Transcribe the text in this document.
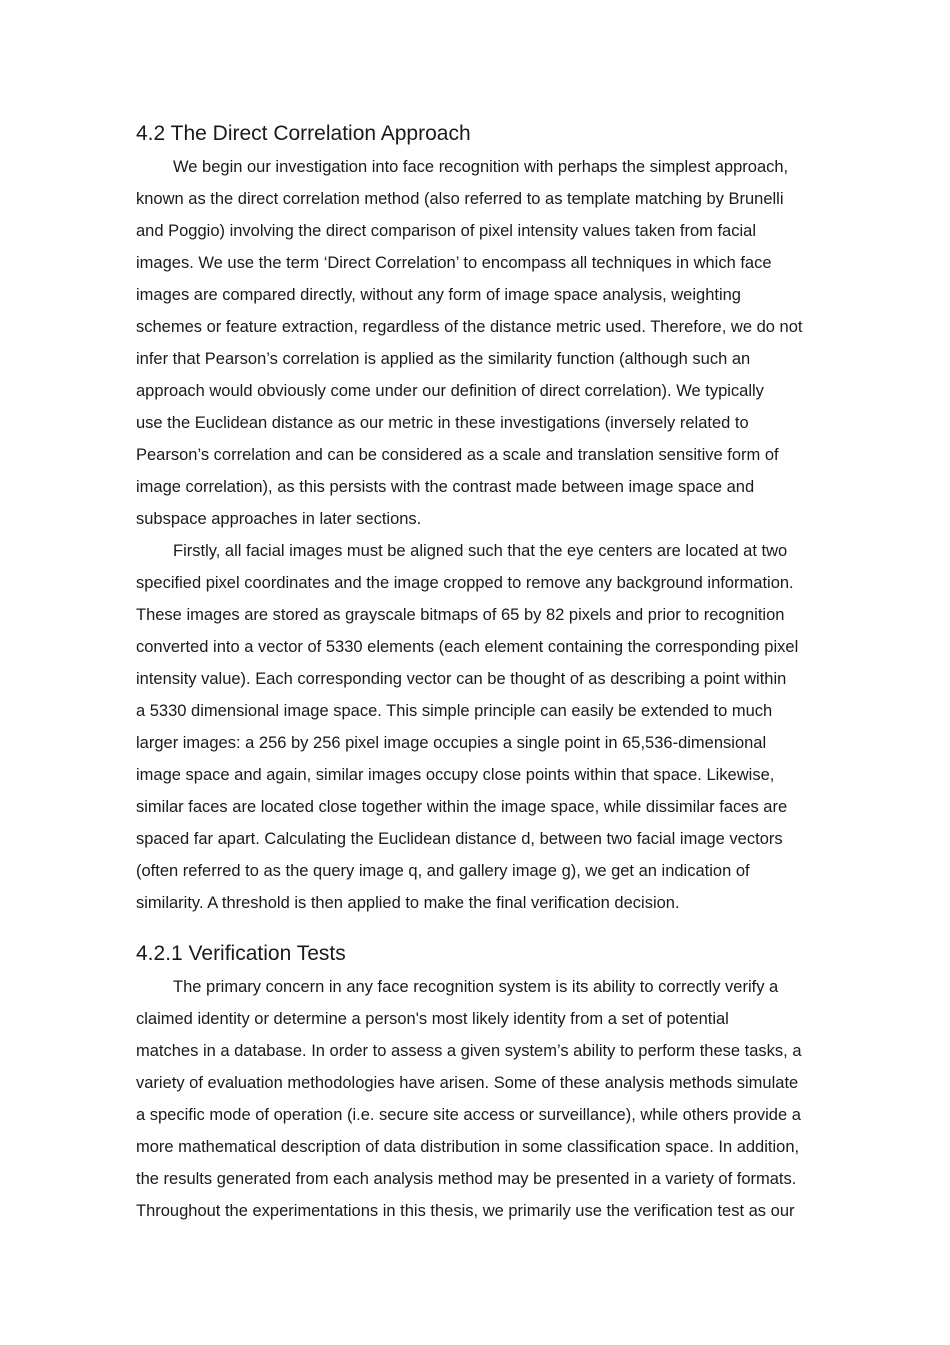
4.2 The Direct Correlation Approach

We begin our investigation into face recognition with perhaps the simplest approach,

known as the direct correlation method (also referred to as template matching by Brunelli

and Poggio) involving the direct comparison of pixel intensity values taken from facial

images. We use the term ‘Direct Correlation’ to encompass all techniques in which face

images are compared directly, without any form of image space analysis, weighting

schemes or feature extraction, regardless of the distance metric used. Therefore, we do not

infer that Pearson’s correlation is applied as the similarity function (although such an

approach would obviously come under our definition of direct correlation). We typically

use the Euclidean distance as our metric in these investigations (inversely related to

Pearson’s correlation and can be considered as a scale and translation sensitive form of

image correlation), as this persists with the contrast made between image space and

subspace approaches in later sections.

Firstly, all facial images must be aligned such that the eye centers are located at two

specified pixel coordinates and the image cropped to remove any background information.

These images are stored as grayscale bitmaps of 65 by 82 pixels and prior to recognition

converted into a vector of 5330 elements (each element containing the corresponding pixel

intensity value). Each corresponding vector can be thought of as describing a point within

a 5330 dimensional image space. This simple principle can easily be extended to much

larger images: a 256 by 256 pixel image occupies a single point in 65,536-dimensional

image space and again, similar images occupy close points within that space. Likewise,

similar faces are located close together within the image space, while dissimilar faces are

spaced far apart. Calculating the Euclidean distance d, between two facial image vectors

(often referred to as the query image q, and gallery image g), we get an indication of

similarity. A threshold is then applied to make the final verification decision.

4.2.1 Verification Tests

The primary concern in any face recognition system is its ability to correctly verify a

claimed identity or determine a person's most likely identity from a set of potential

matches in a database. In order to assess a given system’s ability to perform these tasks, a

variety of evaluation methodologies have arisen. Some of these analysis methods simulate

a specific mode of operation (i.e. secure site access or surveillance), while others provide a

more mathematical description of data distribution in some classification space. In addition,

the results generated from each analysis method may be presented in a variety of formats.

Throughout the experimentations in this thesis, we primarily use the verification test as our
